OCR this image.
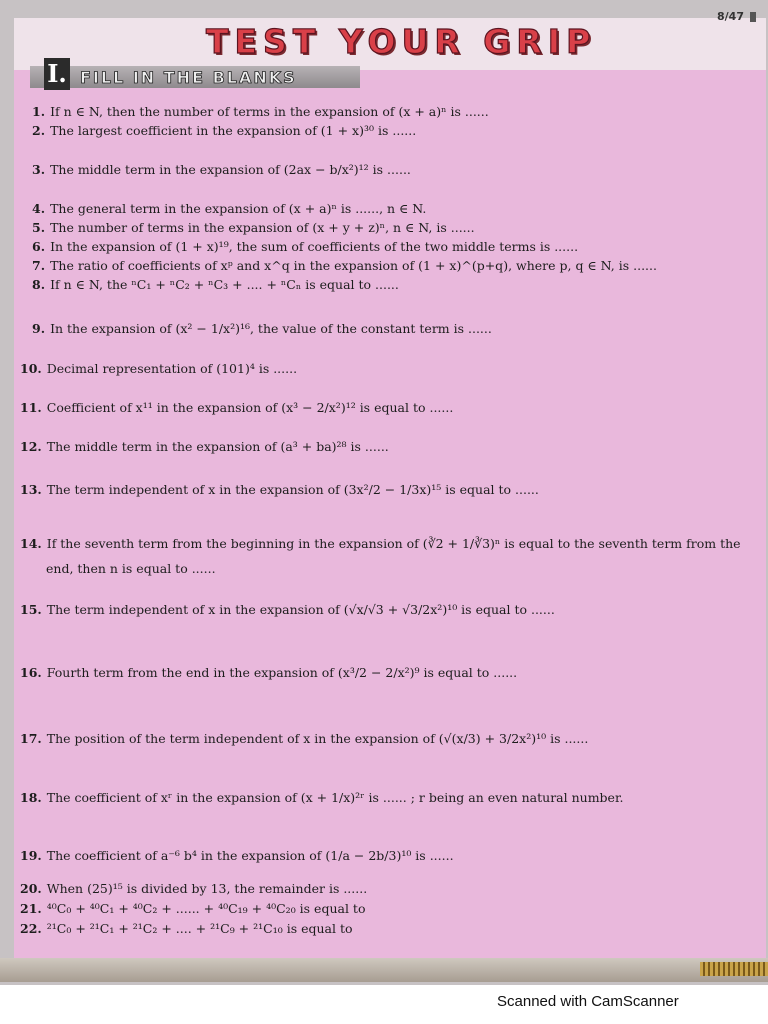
8/47
TEST YOUR GRIP
I. FILL IN THE BLANKS
1. If n ∈ N, then the number of terms in the expansion of (x + a)ⁿ is ......
2. The largest coefficient in the expansion of (1 + x)³⁰ is ......
3. The middle term in the expansion of (2ax − b/x²)¹² is ......
4. The general term in the expansion of (x + a)ⁿ is ......, n ∈ N.
5. The number of terms in the expansion of (x + y + z)ⁿ, n ∈ N, is ......
6. In the expansion of (1 + x)¹⁹, the sum of coefficients of the two middle terms is ......
7. The ratio of coefficients of xᵖ and x^q in the expansion of (1 + x)^(p+q), where p, q ∈ N, is ......
8. If n ∈ N, the ⁿC₁ + ⁿC₂ + ⁿC₃ + .... + ⁿCₙ is equal to ......
9. In the expansion of (x² − 1/x²)¹⁶, the value of the constant term is ......
10. Decimal representation of (101)⁴ is ......
11. Coefficient of x¹¹ in the expansion of (x³ − 2/x²)¹² is equal to ......
12. The middle term in the expansion of (a³ + ba)²⁸ is ......
13. The term independent of x in the expansion of (3x²/2 − 1/3x)¹⁵ is equal to ......
14. If the seventh term from the beginning in the expansion of (∛2 + 1/∛3)ⁿ is equal to the seventh term from the
end, then n is equal to ......
15. The term independent of x in the expansion of (√x/√3 + √3/2x²)¹⁰ is equal to ......
16. Fourth term from the end in the expansion of (x³/2 − 2/x²)⁹ is equal to ......
17. The position of the term independent of x in the expansion of (√(x/3) + 3/2x²)¹⁰ is ......
18. The coefficient of xʳ in the expansion of (x + 1/x)²ʳ is ...... ; r being an even natural number.
19. The coefficient of a⁻⁶ b⁴ in the expansion of (1/a − 2b/3)¹⁰ is ......
20. When (25)¹⁵ is divided by 13, the remainder is ......
21. ⁴⁰C₀ + ⁴⁰C₁ + ⁴⁰C₂ + ...... + ⁴⁰C₁₉ + ⁴⁰C₂₀ is equal to
22. ²¹C₀ + ²¹C₁ + ²¹C₂ + .... + ²¹C₉ + ²¹C₁₀ is equal to
Scanned with CamScanner
